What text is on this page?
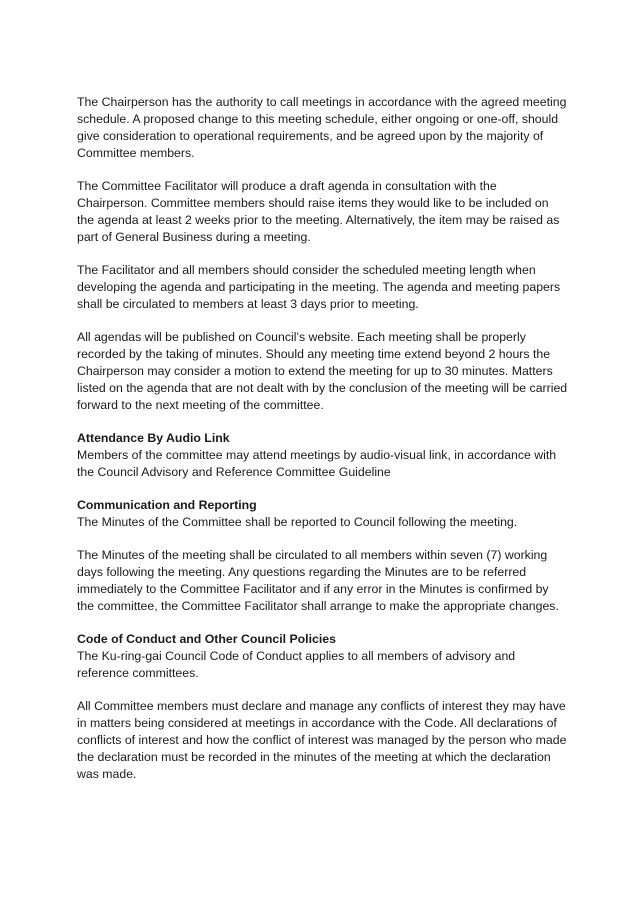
The Chairperson has the authority to call meetings in accordance with the agreed meeting schedule. A proposed change to this meeting schedule, either ongoing or one-off, should give consideration to operational requirements, and be agreed upon by the majority of Committee members.

The Committee Facilitator will produce a draft agenda in consultation with the Chairperson. Committee members should raise items they would like to be included on the agenda at least 2 weeks prior to the meeting. Alternatively, the item may be raised as part of General Business during a meeting.

The Facilitator and all members should consider the scheduled meeting length when developing the agenda and participating in the meeting. The agenda and meeting papers shall be circulated to members at least 3 days prior to meeting.

All agendas will be published on Council’s website. Each meeting shall be properly recorded by the taking of minutes. Should any meeting time extend beyond 2 hours the Chairperson may consider a motion to extend the meeting for up to 30 minutes. Matters listed on the agenda that are not dealt with by the conclusion of the meeting will be carried forward to the next meeting of the committee.

Attendance By Audio Link

Members of the committee may attend meetings by audio-visual link, in accordance with the Council Advisory and Reference Committee Guideline

Communication and Reporting

The Minutes of the Committee shall be reported to Council following the meeting.

The Minutes of the meeting shall be circulated to all members within seven (7) working days following the meeting. Any questions regarding the Minutes are to be referred immediately to the Committee Facilitator and if any error in the Minutes is confirmed by the committee, the Committee Facilitator shall arrange to make the appropriate changes.

Code of Conduct and Other Council Policies

The Ku-ring-gai Council Code of Conduct applies to all members of advisory and reference committees.

All Committee members must declare and manage any conflicts of interest they may have in matters being considered at meetings in accordance with the Code. All declarations of conflicts of interest and how the conflict of interest was managed by the person who made the declaration must be recorded in the minutes of the meeting at which the declaration was made.
